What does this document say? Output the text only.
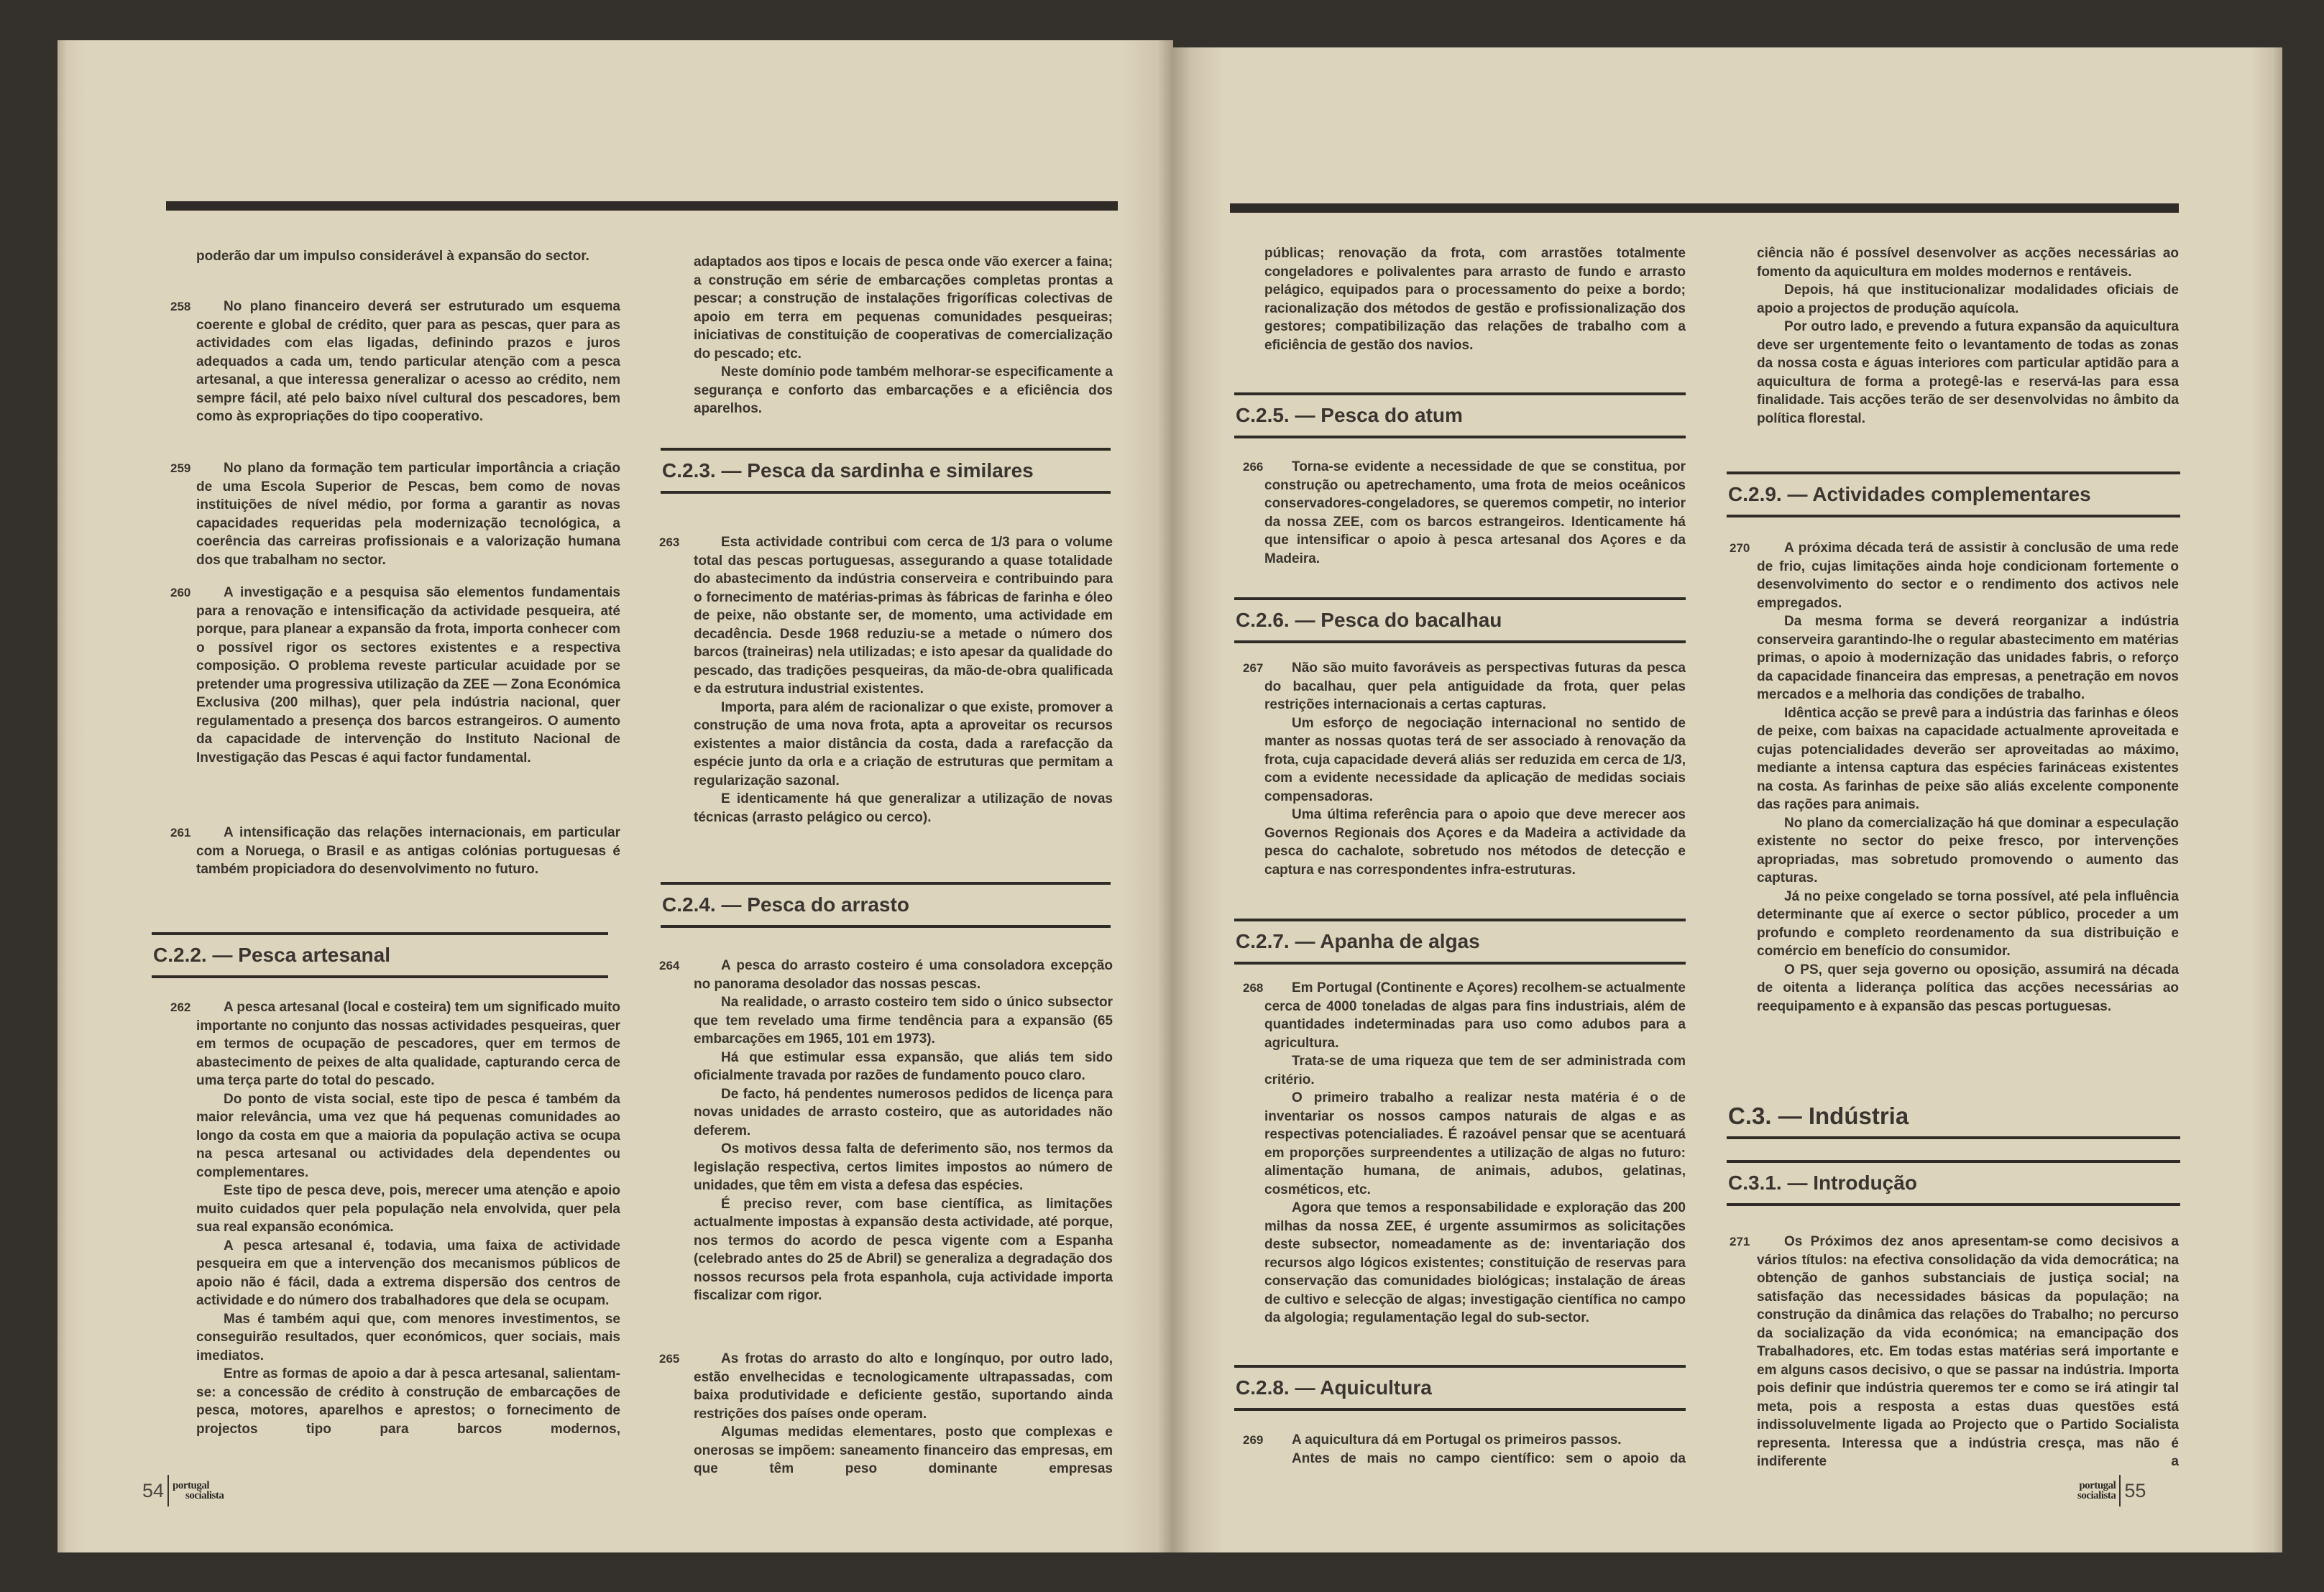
poderão dar um impulso considerável à expansão do sector.

258	No plano financeiro deverá ser estruturado um esquema coerente e global de crédito, quer para as pescas, quer para as actividades com elas ligadas, definindo prazos e juros adequados a cada um, tendo particular atenção com a pesca artesanal, a que interessa generalizar o acesso ao crédito, nem sempre fácil, até pelo baixo nível cultural dos pescadores, bem como às expropriações do tipo cooperativo.

259	No plano da formação tem particular importância a criação de uma Escola Superior de Pescas, bem como de novas instituições de nível médio, por forma a garantir as novas capacidades requeridas pela modernização tecnológica, a coerência das carreiras profissionais e a valorização humana dos que trabalham no sector.

260	A investigação e a pesquisa são elementos fundamentais para a renovação e intensificação da actividade pesqueira, até porque, para planear a expansão da frota, importa conhecer com o possível rigor os sectores existentes e a respectiva composição. O problema reveste particular acuidade por se pretender uma progressiva utilização da ZEE — Zona Económica Exclusiva (200 milhas), quer pela indústria nacional, quer regulamentado a presença dos barcos estrangeiros. O aumento da capacidade de intervenção do Instituto Nacional de Investigação das Pescas é aqui factor fundamental.

261	A intensificação das relações internacionais, em particular com a Noruega, o Brasil e as antigas colónias portuguesas é também propiciadora do desenvolvimento no futuro.

C.2.2. — Pesca artesanal
262	A pesca artesanal (local e costeira) tem um significado muito importante no conjunto das nossas actividades pesqueiras, quer em termos de ocupação de pescadores, quer em termos de abastecimento de peixes de alta qualidade, capturando cerca de uma terça parte do total do pescado.

Do ponto de vista social, este tipo de pesca é também da maior relevância, uma vez que há pequenas comunidades ao longo da costa em que a maioria da população activa se ocupa na pesca artesanal ou actividades dela dependentes ou complementares.

Este tipo de pesca deve, pois, merecer uma atenção e apoio muito cuidados quer pela população nela envolvida, quer pela sua real expansão económica.

A pesca artesanal é, todavia, uma faixa de actividade pesqueira em que a intervenção dos mecanismos públicos de apoio não é fácil, dada a extrema dispersão dos centros de actividade e do número dos trabalhadores que dela se ocupam.

Mas é também aqui que, com menores investimentos, se conseguirão resultados, quer económicos, quer sociais, mais imediatos.

Entre as formas de apoio a dar à pesca artesanal, salientam-se: a concessão de crédito à construção de embarcações de pesca, motores, aparelhos e aprestos; o fornecimento de projectos tipo para barcos modernos,

adaptados aos tipos e locais de pesca onde vão exercer a faina; a construção em série de embarcações completas prontas a pescar; a construção de instalações frigoríficas colectivas de apoio em terra em pequenas comunidades pesqueiras; iniciativas de constituição de cooperativas de comercialização do pescado; etc.

Neste domínio pode também melhorar-se especificamente a segurança e conforto das embarcações e a eficiência dos aparelhos.

C.2.3. — Pesca da sardinha e similares
263	Esta actividade contribui com cerca de 1/3 para o volume total das pescas portuguesas, assegurando a quase totalidade do abastecimento da indústria conserveira e contribuindo para o fornecimento de matérias-primas às fábricas de farinha e óleo de peixe, não obstante ser, de momento, uma actividade em decadência. Desde 1968 reduziu-se a metade o número dos barcos (traineiras) nela utilizadas; e isto apesar da qualidade do pescado, das tradições pesqueiras, da mão-de-obra qualificada e da estrutura industrial existentes.

Importa, para além de racionalizar o que existe, promover a construção de uma nova frota, apta a aproveitar os recursos existentes a maior distância da costa, dada a rarefacção da espécie junto da orla e a criação de estruturas que permitam a regularização sazonal.

E identicamente há que generalizar a utilização de novas técnicas (arrasto pelágico ou cerco).

C.2.4. — Pesca do arrasto
264	A pesca do arrasto costeiro é uma consoladora excepção no panorama desolador das nossas pescas.

Na realidade, o arrasto costeiro tem sido o único subsector que tem revelado uma firme tendência para a expansão (65 embarcações em 1965, 101 em 1973).

Há que estimular essa expansão, que aliás tem sido oficialmente travada por razões de fundamento pouco claro.

De facto, há pendentes numerosos pedidos de licença para novas unidades de arrasto costeiro, que as autoridades não deferem.

Os motivos dessa falta de deferimento são, nos termos da legislação respectiva, certos limites impostos ao número de unidades, que têm em vista a defesa das espécies.

É preciso rever, com base científica, as limitações actualmente impostas à expansão desta actividade, até porque, nos termos do acordo de pesca vigente com a Espanha (celebrado antes do 25 de Abril) se generaliza a degradação dos nossos recursos pela frota espanhola, cuja actividade importa fiscalizar com rigor.

265	As frotas do arrasto do alto e longínquo, por outro lado, estão envelhecidas e tecnologicamente ultrapassadas, com baixa produtividade e deficiente gestão, suportando ainda restrições dos países onde operam.

Algumas medidas elementares, posto que complexas e onerosas se impõem: saneamento financeiro das empresas, em que têm peso dominante empresas

públicas; renovação da frota, com arrastões totalmente congeladores e polivalentes para arrasto de fundo e arrasto pelágico, equipados para o processamento do peixe a bordo; racionalização dos métodos de gestão e profissionalização dos gestores; compatibilização das relações de trabalho com a eficiência de gestão dos navios.

C.2.5. — Pesca do atum
266	Torna-se evidente a necessidade de que se constitua, por construção ou apetrechamento, uma frota de meios oceânicos conservadores-congeladores, se queremos competir, no interior da nossa ZEE, com os barcos estrangeiros. Identicamente há que intensificar o apoio à pesca artesanal dos Açores e da Madeira.

C.2.6. — Pesca do bacalhau
267	Não são muito favoráveis as perspectivas futuras da pesca do bacalhau, quer pela antiguidade da frota, quer pelas restrições internacionais a certas capturas.

Um esforço de negociação internacional no sentido de manter as nossas quotas terá de ser associado à renovação da frota, cuja capacidade deverá aliás ser reduzida em cerca de 1/3, com a evidente necessidade da aplicação de medidas sociais compensadoras.

Uma última referência para o apoio que deve merecer aos Governos Regionais dos Açores e da Madeira a actividade da pesca do cachalote, sobretudo nos métodos de detecção e captura e nas correspondentes infra-estruturas.

C.2.7. — Apanha de algas
268	Em Portugal (Continente e Açores) recolhem-se actualmente cerca de 4000 toneladas de algas para fins industriais, além de quantidades indeterminadas para uso como adubos para a agricultura.

Trata-se de uma riqueza que tem de ser administrada com critério.

O primeiro trabalho a realizar nesta matéria é o de inventariar os nossos campos naturais de algas e as respectivas potencialiades. É razoável pensar que se acentuará em proporções surpreendentes a utilização de algas no futuro: alimentação humana, de animais, adubos, gelatinas, cosméticos, etc.

Agora que temos a responsabilidade e exploração das 200 milhas da nossa ZEE, é urgente assumirmos as solicitações deste subsector, nomeadamente as de: inventariação dos recursos algo lógicos existentes; constituição de reservas para conservação das comunidades biológicas; instalação de áreas de cultivo e selecção de algas; investigação científica no campo da algologia; regulamentação legal do sub-sector.

C.2.8. — Aquicultura
269	A aquicultura dá em Portugal os primeiros passos.

Antes de mais no campo científico: sem o apoio da

ciência não é possível desenvolver as acções necessárias ao fomento da aquicultura em moldes modernos e rentáveis.

Depois, há que institucionalizar modalidades oficiais de apoio a projectos de produção aquícola.

Por outro lado, e prevendo a futura expansão da aquicultura deve ser urgentemente feito o levantamento de todas as zonas da nossa costa e águas interiores com particular aptidão para a aquicultura de forma a protegê-las e reservá-las para essa finalidade. Tais acções terão de ser desenvolvidas no âmbito da política florestal.

C.2.9. — Actividades complementares
270	A próxima década terá de assistir à conclusão de uma rede de frio, cujas limitações ainda hoje condicionam fortemente o desenvolvimento do sector e o rendimento dos activos nele empregados.

Da mesma forma se deverá reorganizar a indústria conserveira garantindo-lhe o regular abastecimento em matérias primas, o apoio à modernização das unidades fabris, o reforço da capacidade financeira das empresas, a penetração em novos mercados e a melhoria das condições de trabalho.

Idêntica acção se prevê para a indústria das farinhas e óleos de peixe, com baixas na capacidade actualmente aproveitada e cujas potencialidades deverão ser aproveitadas ao máximo, mediante a intensa captura das espécies farináceas existentes na costa. As farinhas de peixe são aliás excelente componente das rações para animais.

No plano da comercialização há que dominar a especulação existente no sector do peixe fresco, por intervenções apropriadas, mas sobretudo promovendo o aumento das capturas.

Já no peixe congelado se torna possível, até pela influência determinante que aí exerce o sector público, proceder a um profundo e completo reordenamento da sua distribuição e comércio em benefício do consumidor.

O PS, quer seja governo ou oposição, assumirá na década de oitenta a liderança política das acções necessárias ao reequipamento e à expansão das pescas portuguesas.

C.3. — Indústria
C.3.1. — Introdução
271	Os Próximos dez anos apresentam-se como decisivos a vários títulos: na efectiva consolidação da vida democrática; na obtenção de ganhos substanciais de justiça social; na satisfação das necessidades básicas da população; na construção da dinâmica das relações do Trabalho; no percurso da socialização da vida económica; na emancipação dos Trabalhadores, etc. Em todas estas matérias será importante e em alguns casos decisivo, o que se passar na indústria. Importa pois definir que indústria queremos ter e como se irá atingir tal meta, pois a resposta a estas duas questões está indissoluvelmente ligada ao Projecto que o Partido Socialista representa. Interessa que a indústria cresça, mas não é indiferente a

54 portugal
socialista
portugal
socialista 55
